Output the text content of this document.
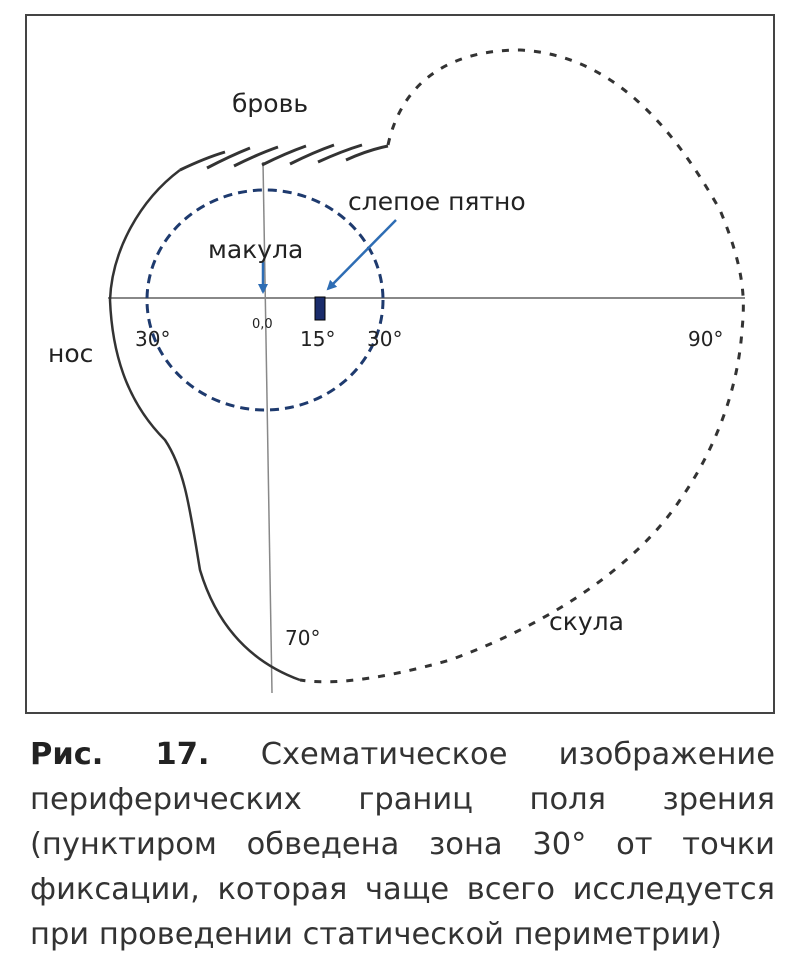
бровь
слепое пятно
макула
нос
0,0
30°	15° 30°	90°
70°
скула

Рис. 17. Схематическое изображение периферических границ поля зрения (пунктиром обведена зона 30° от точки фиксации, которая чаще всего исследуется при проведении статической периметрии)
